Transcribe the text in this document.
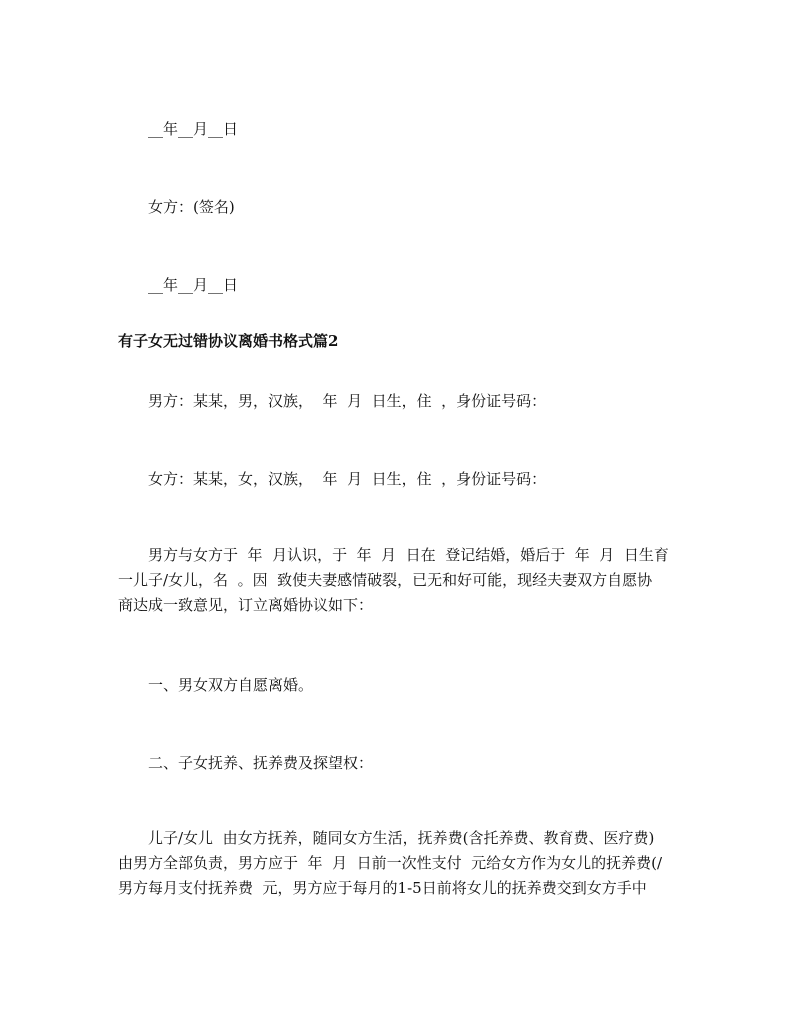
__年__月__日
女方：(签名)
__年__月__日
有子女无过错协议离婚书格式篇2
男方：某某，男，汉族，  年  月  日生，住  ，身份证号码：
女方：某某，女，汉族，  年  月  日生，住  ，身份证号码：
男方与女方于  年  月认识，于  年  月  日在  登记结婚，婚后于  年  月  日生育
一儿子/女儿，名  。因  致使夫妻感情破裂，已无和好可能，现经夫妻双方自愿协
商达成一致意见，订立离婚协议如下：
一、男女双方自愿离婚。
二、子女抚养、抚养费及探望权：
儿子/女儿  由女方抚养，随同女方生活，抚养费(含托养费、教育费、医疗费)
由男方全部负责，男方应于  年  月  日前一次性支付  元给女方作为女儿的抚养费(/
男方每月支付抚养费  元，男方应于每月的1-5日前将女儿的抚养费交到女方手中
